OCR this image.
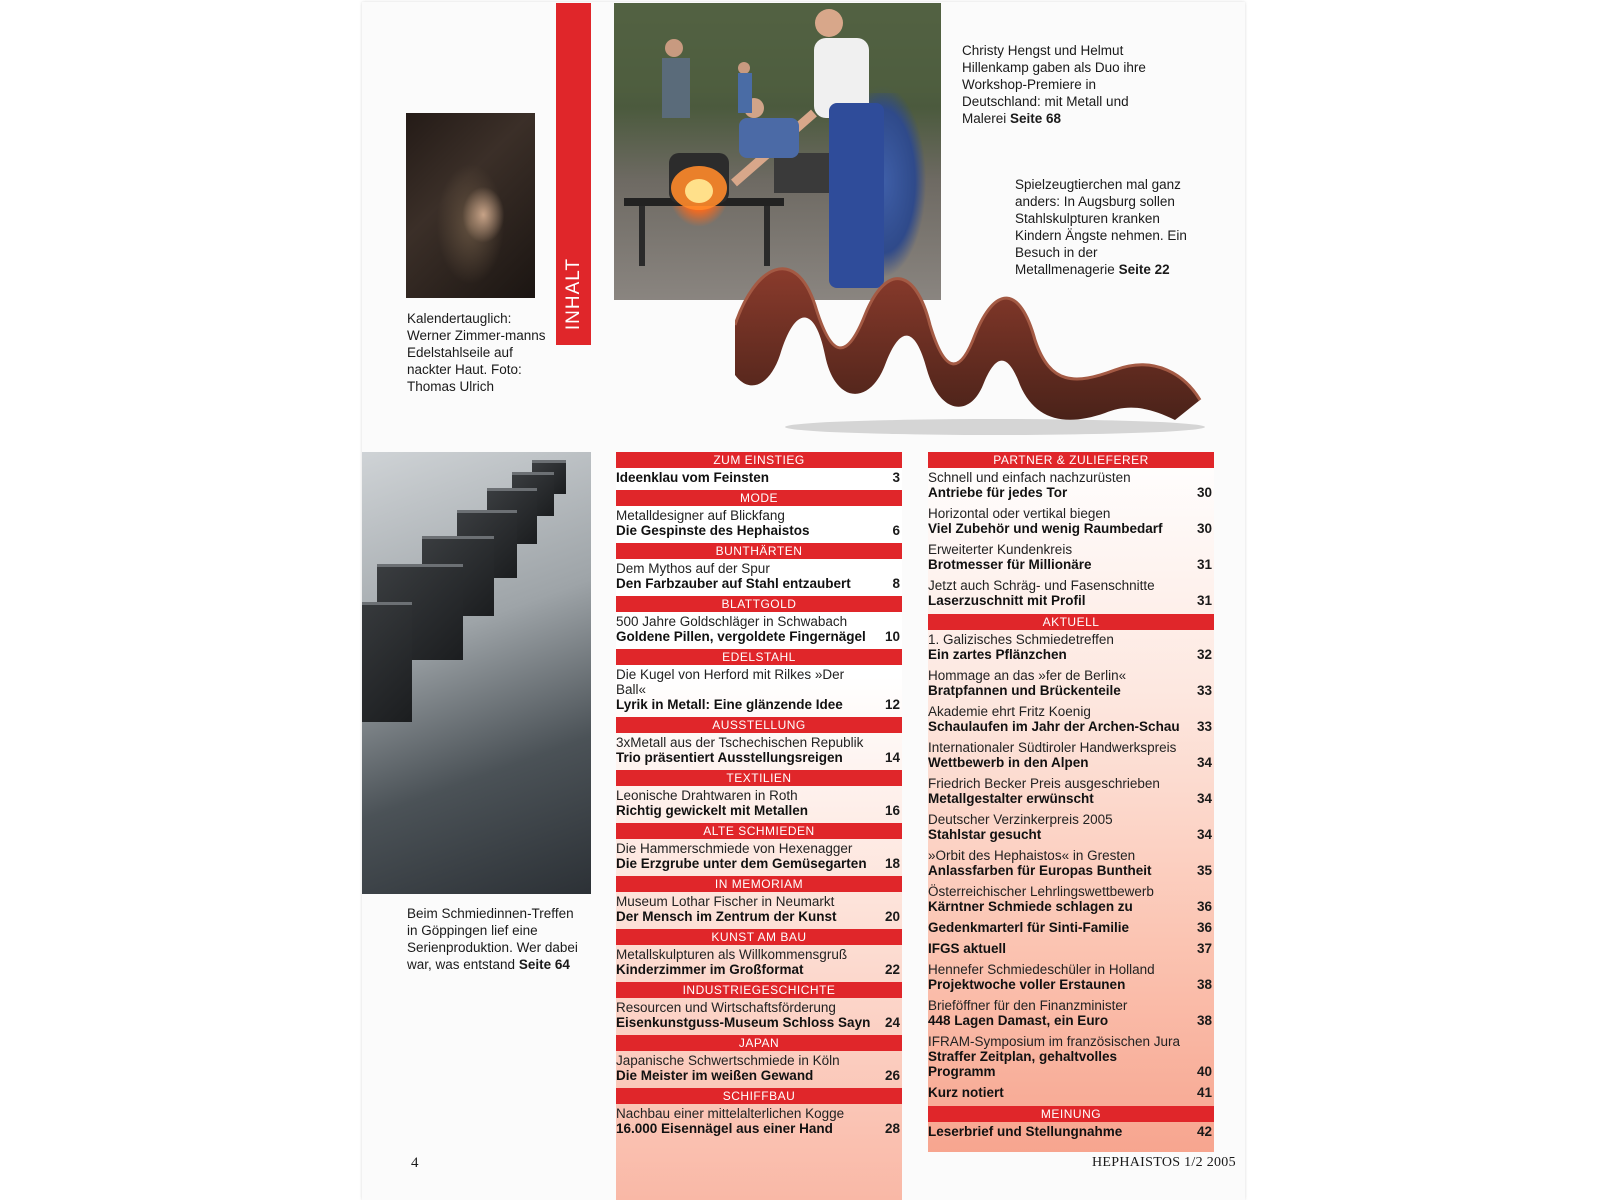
INHALT
Christy Hengst und Helmut Hillenkamp gaben als Duo ihre Workshop-Premiere in Deutschland: mit Metall und Malerei Seite 68
Spielzeugtierchen mal ganz anders: In Augsburg sollen Stahlskulpturen kranken Kindern Ängste nehmen. Ein Besuch in der Metallmenagerie Seite 22
Kalendertauglich: Werner Zimmer-manns Edelstahlseile auf nackter Haut. Foto: Thomas Ulrich
Beim Schmiedinnen-Treffen in Göppingen lief eine Serienproduktion. Wer dabei war, was entstand Seite 64
ZUM EINSTIEG
Ideenklau vom Feinsten	3
MODE
Metalldesigner auf Blickfang
Die Gespinste des Hephaistos	6
BUNTHÄRTEN
Dem Mythos auf der Spur
Den Farbzauber auf Stahl entzaubert	8
BLATTGOLD
500 Jahre Goldschläger in Schwabach
Goldene Pillen, vergoldete Fingernägel	10
EDELSTAHL
Die Kugel von Herford mit Rilkes »Der Ball«
Lyrik in Metall: Eine glänzende Idee	12
AUSSTELLUNG
3xMetall aus der Tschechischen Republik
Trio präsentiert Ausstellungsreigen	14
TEXTILIEN
Leonische Drahtwaren in Roth
Richtig gewickelt mit Metallen	16
ALTE SCHMIEDEN
Die Hammerschmiede von Hexenagger
Die Erzgrube unter dem Gemüsegarten	18
IN MEMORIAM
Museum Lothar Fischer in Neumarkt
Der Mensch im Zentrum der Kunst	20
KUNST AM BAU
Metallskulpturen als Willkommensgruß
Kinderzimmer im Großformat	22
INDUSTRIEGESCHICHTE
Resourcen und Wirtschaftsförderung
Eisenkunstguss-Museum Schloss Sayn 24
JAPAN
Japanische Schwertschmiede in Köln
Die Meister im weißen Gewand	26
SCHIFFBAU
Nachbau einer mittelalterlichen Kogge
16.000 Eisennägel aus einer Hand	28
PARTNER & ZULIEFERER
Schnell und einfach nachzurüsten
Antriebe für jedes Tor	30
Horizontal oder vertikal biegen
Viel Zubehör und wenig Raumbedarf	30
Erweiterter Kundenkreis
Brotmesser für Millionäre	31
Jetzt auch Schräg- und Fasenschnitte
Laserzuschnitt mit Profil	31
AKTUELL
1. Galizisches Schmiedetreffen
Ein zartes Pflänzchen	32
Hommage an das »fer de Berlin«
Bratpfannen und Brückenteile	33
Akademie ehrt Fritz Koenig
Schaulaufen im Jahr der Archen-Schau	33
Internationaler Südtiroler Handwerkspreis
Wettbewerb in den Alpen	34
Friedrich Becker Preis ausgeschrieben
Metallgestalter erwünscht	34
Deutscher Verzinkerpreis 2005
Stahlstar gesucht	34
»Orbit des Hephaistos« in Gresten
Anlassfarben für Europas Buntheit	35
Österreichischer Lehrlingswettbewerb
Kärntner Schmiede schlagen zu	36
Gedenkmarterl für Sinti-Familie	36
IFGS aktuell	37
Hennefer Schmiedeschüler in Holland
Projektwoche voller Erstaunen	38
Brieföffner für den Finanzminister
448 Lagen Damast, ein Euro	38
IFRAM-Symposium im französischen Jura
Straffer Zeitplan, gehaltvolles Programm	40
Kurz notiert	41
MEINUNG
Leserbrief und Stellungnahme	42
4	HEPHAISTOS 1/2 2005
